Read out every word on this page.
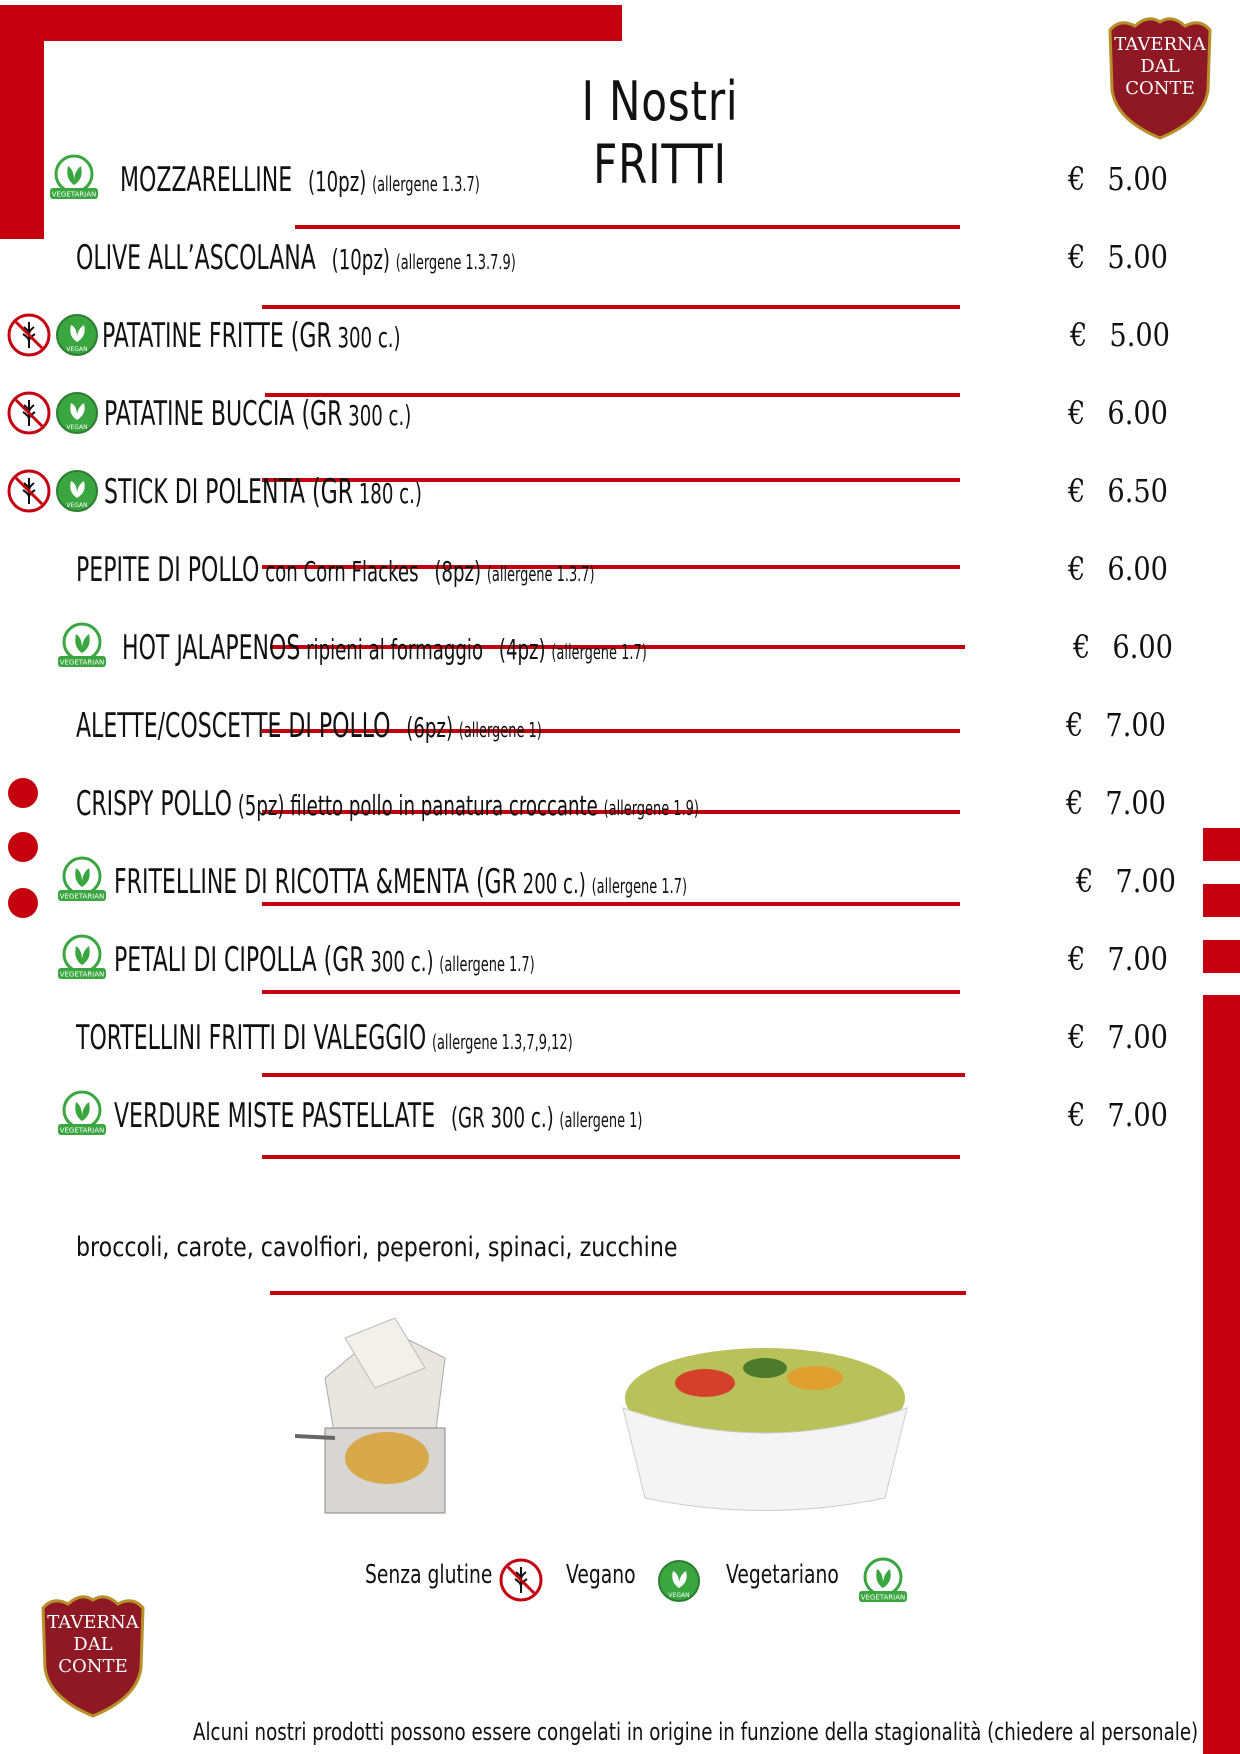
TAVERNA
DAL
CONTE
TAVERNA
DAL
CONTE
I Nostri FRITTI
VEGETARIAN MOZZARELLINE (10pz) (allergene 1.3.7)	€ 5.00
OLIVE ALL’ASCOLANA (10pz) (allergene 1.3.7.9)	€ 5.00
VEGAN PATATINE FRITTE (GR 300 c.)	€ 5.00
VEGAN PATATINE BUCCIA (GR 300 c.)	€ 6.00
VEGAN STICK DI POLENTA (GR 180 c.)	€ 6.50
PEPITE DI POLLO con Corn Flackes (8pz) (allergene 1.3.7)	€ 6.00
VEGETARIAN HOT JALAPENOS ripieni al formaggio (4pz) (allergene 1.7)	€ 6.00
ALETTE/COSCETTE DI POLLO (6pz) (allergene 1)	€ 7.00
CRISPY POLLO (5pz) filetto pollo in panatura croccante (allergene 1.9)	€ 7.00
VEGETARIAN FRITELLINE DI RICOTTA &MENTA (GR 200 c.) (allergene 1.7)	€ 7.00
VEGETARIAN PETALI DI CIPOLLA (GR 300 c.) (allergene 1.7)	€ 7.00
TORTELLINI FRITTI DI VALEGGIO (allergene 1.3,7,9,12)	€ 7.00
VEGETARIAN VERDURE MISTE PASTELLATE (GR 300 c.) (allergene 1)	€ 7.00
broccoli, carote, cavolfiori, peperoni, spinaci, zucchine
Senza glutine	Vegano
VEGAN
Vegetariano
VEGETARIAN
Alcuni nostri prodotti possono essere congelati in origine in funzione della stagionalità (chiedere al personale)
